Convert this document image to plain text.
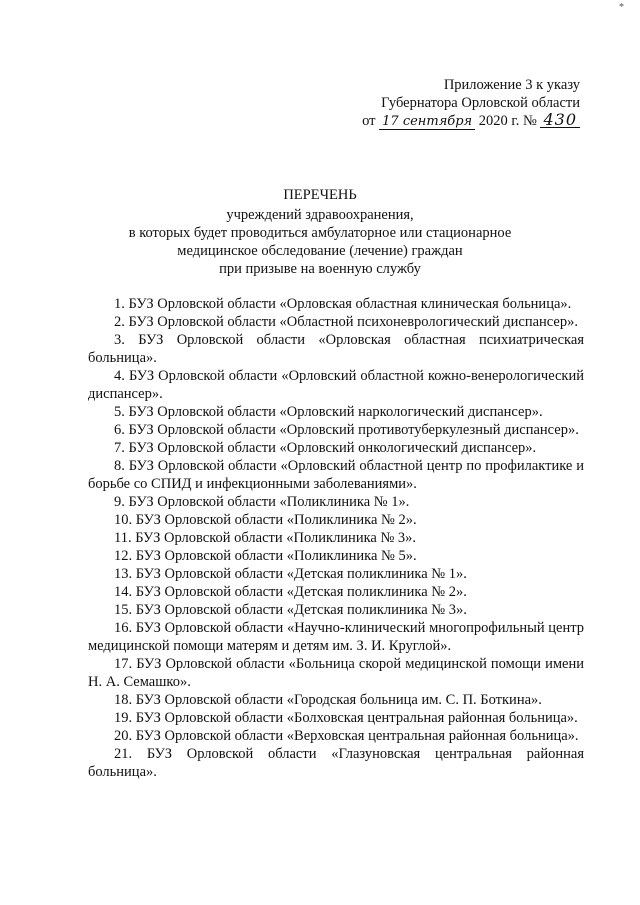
*
Приложение 3 к указу
Губернатора Орловской области
от 17 сентября 2020 г. № 430
ПЕРЕЧЕНЬ
учреждений здравоохранения,
в которых будет проводиться амбулаторное или стационарное
медицинское обследование (лечение) граждан
при призыве на военную службу
1. БУЗ Орловской области «Орловская областная клиническая больница».
2. БУЗ Орловской области «Областной психоневрологический диспансер».
3. БУЗ Орловской области «Орловская областная психиатрическая больница».
4. БУЗ Орловской области «Орловский областной кожно-венерологический диспансер».
5. БУЗ Орловской области «Орловский наркологический диспансер».
6. БУЗ Орловской области «Орловский противотуберкулезный диспансер».
7. БУЗ Орловской области «Орловский онкологический диспансер».
8. БУЗ Орловской области «Орловский областной центр по профилактике и борьбе со СПИД и инфекционными заболеваниями».
9. БУЗ Орловской области «Поликлиника № 1».
10. БУЗ Орловской области «Поликлиника № 2».
11. БУЗ Орловской области «Поликлиника № 3».
12. БУЗ Орловской области «Поликлиника № 5».
13. БУЗ Орловской области «Детская поликлиника № 1».
14. БУЗ Орловской области «Детская поликлиника № 2».
15. БУЗ Орловской области «Детская поликлиника № 3».
16. БУЗ Орловской области «Научно-клинический многопрофильный центр медицинской помощи матерям и детям им. З. И. Круглой».
17. БУЗ Орловской области «Больница скорой медицинской помощи имени Н. А. Семашко».
18. БУЗ Орловской области «Городская больница им. С. П. Боткина».
19. БУЗ Орловской области «Болховская центральная районная больница».
20. БУЗ Орловской области «Верховская центральная районная больница».
21. БУЗ Орловской области «Глазуновская центральная районная больница».
